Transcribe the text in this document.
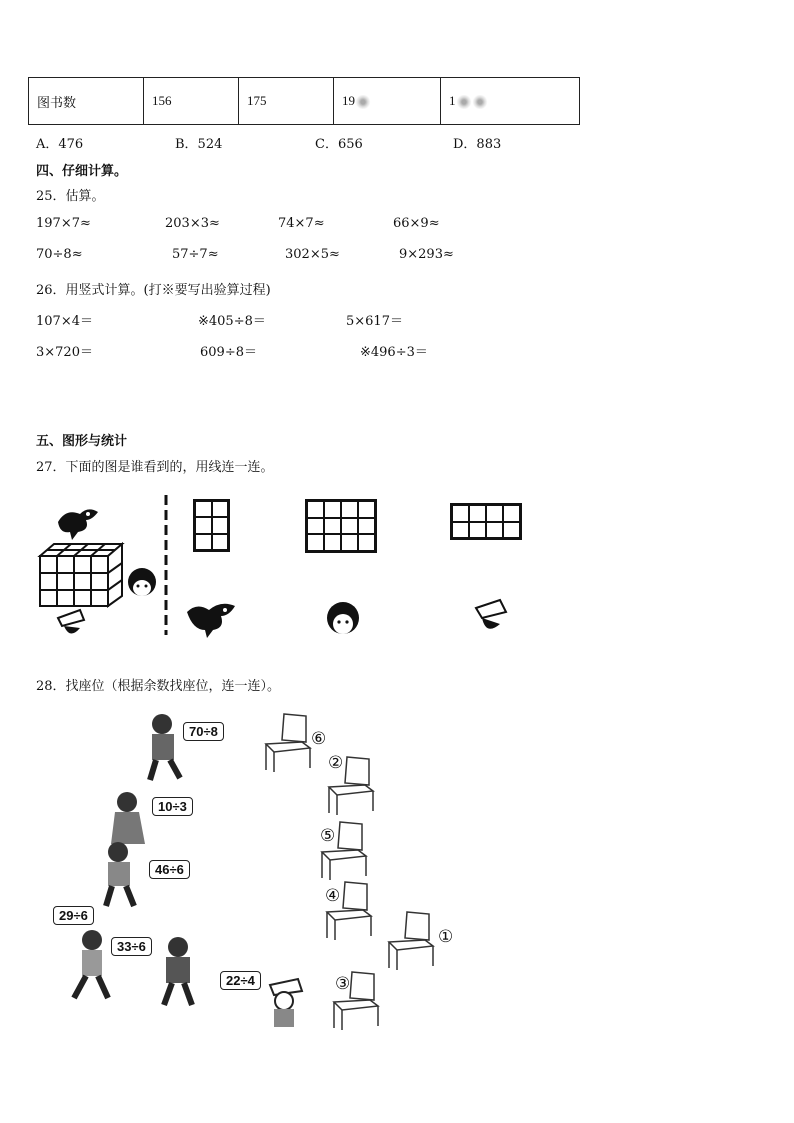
图书数	156	175	19	1
A．476	B．524	C．656	D．883
四、仔细计算。
25．估算。
197×7≈	203×3≈	74×7≈	66×9≈
70÷8≈	57÷7≈	302×5≈	9×293≈
26．用竖式计算。(打※要写出验算过程)
107×4＝	※405÷8＝	5×617＝
3×720＝	609÷8＝	※496÷3＝
五、图形与统计
27．下面的图是谁看到的，用线连一连。
28．找座位（根据余数找座位，连一连）。
70÷8
10÷3
46÷6
29÷6
33÷6
22÷4
⑥
②
⑤
④
①
③
